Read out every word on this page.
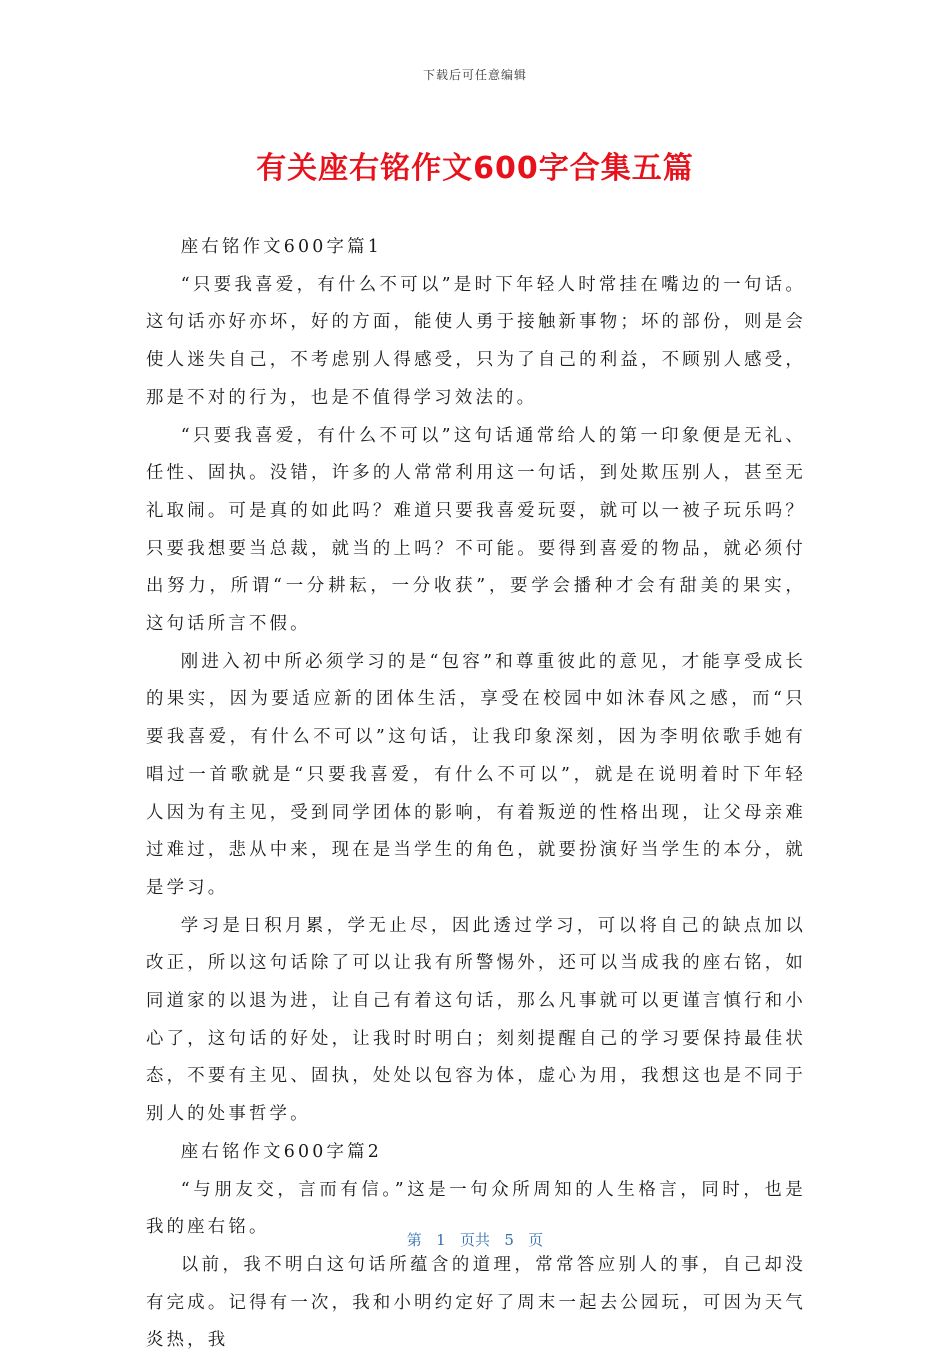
下载后可任意编辑
有关座右铭作文600字合集五篇

座右铭作文600字篇1

“只要我喜爱，有什么不可以”是时下年轻人时常挂在嘴边的一句话。这句话亦好亦坏，好的方面，能使人勇于接触新事物；坏的部份，则是会使人迷失自己，不考虑别人得感受，只为了自己的利益，不顾别人感受，那是不对的行为，也是不值得学习效法的。

“只要我喜爱，有什么不可以”这句话通常给人的第一印象便是无礼、任性、固执。没错，许多的人常常利用这一句话，到处欺压别人，甚至无礼取闹。可是真的如此吗？难道只要我喜爱玩耍，就可以一被子玩乐吗？只要我想要当总裁，就当的上吗？不可能。要得到喜爱的物品，就必须付出努力，所谓“一分耕耘，一分收获”，要学会播种才会有甜美的果实，这句话所言不假。

刚进入初中所必须学习的是“包容”和尊重彼此的意见，才能享受成长的果实，因为要适应新的团体生活，享受在校园中如沐春风之感，而“只要我喜爱，有什么不可以”这句话，让我印象深刻，因为李明依歌手她有唱过一首歌就是“只要我喜爱，有什么不可以”，就是在说明着时下年轻人因为有主见，受到同学团体的影响，有着叛逆的性格出现，让父母亲难过难过，悲从中来，现在是当学生的角色，就要扮演好当学生的本分，就是学习。

学习是日积月累，学无止尽，因此透过学习，可以将自己的缺点加以改正，所以这句话除了可以让我有所警惕外，还可以当成我的座右铭，如同道家的以退为进，让自己有着这句话，那么凡事就可以更谨言慎行和小心了，这句话的好处，让我时时明白；刻刻提醒自己的学习要保持最佳状态，不要有主见、固执，处处以包容为体，虚心为用，我想这也是不同于别人的处事哲学。

座右铭作文600字篇2

“与朋友交，言而有信。”这是一句众所周知的人生格言，同时，也是我的座右铭。

以前，我不明白这句话所蕴含的道理，常常答应别人的事，自己却没有完成。记得有一次，我和小明约定好了周末一起去公园玩，可因为天气炎热，我

第 1 页共 5 页
